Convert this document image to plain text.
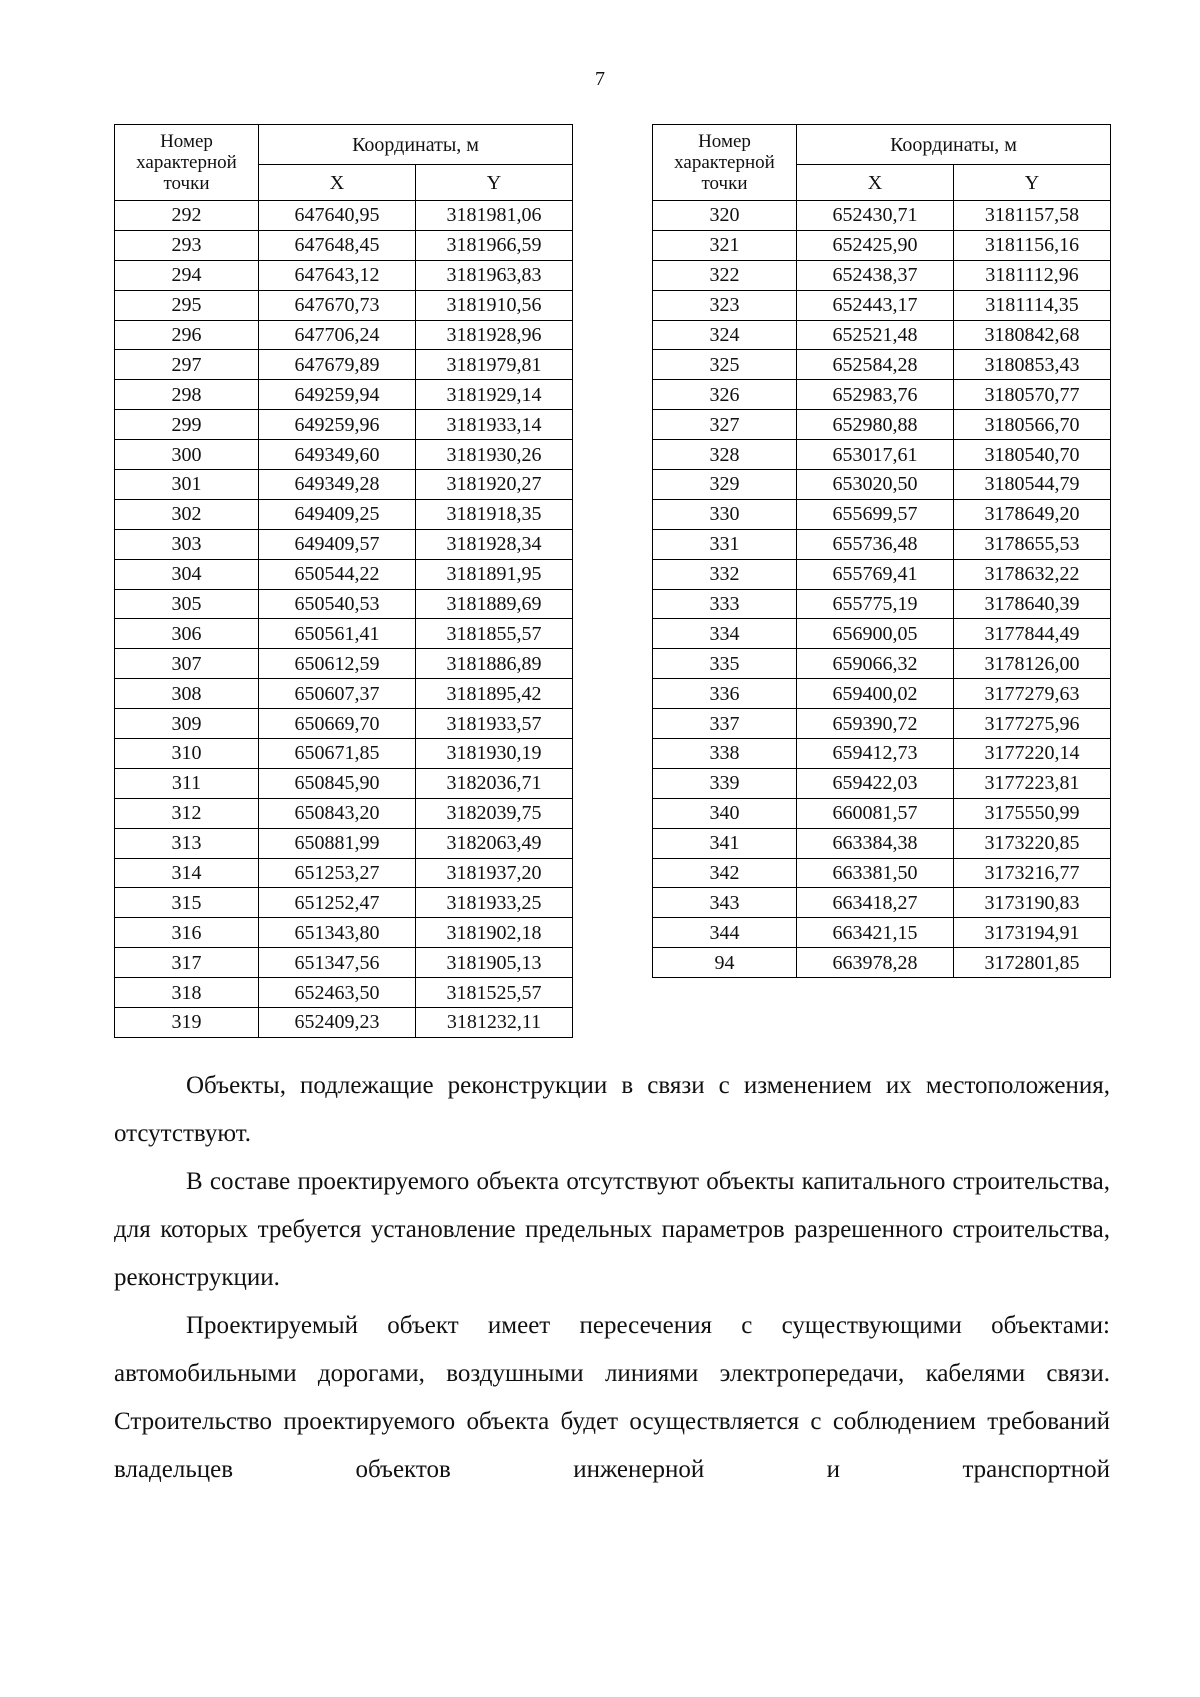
7
Номер характерной точки	Координаты, м	
	X	Y
292	647640,95	3181981,06
293	647648,45	3181966,59
294	647643,12	3181963,83
295	647670,73	3181910,56
296	647706,24	3181928,96
297	647679,89	3181979,81
298	649259,94	3181929,14
299	649259,96	3181933,14
300	649349,60	3181930,26
301	649349,28	3181920,27
302	649409,25	3181918,35
303	649409,57	3181928,34
304	650544,22	3181891,95
305	650540,53	3181889,69
306	650561,41	3181855,57
307	650612,59	3181886,89
308	650607,37	3181895,42
309	650669,70	3181933,57
310	650671,85	3181930,19
311	650845,90	3182036,71
312	650843,20	3182039,75
313	650881,99	3182063,49
314	651253,27	3181937,20
315	651252,47	3181933,25
316	651343,80	3181902,18
317	651347,56	3181905,13
318	652463,50	3181525,57
319	652409,23	3181232,11
Номер характерной точки	Координаты, м	
	X	Y
320	652430,71	3181157,58
321	652425,90	3181156,16
322	652438,37	3181112,96
323	652443,17	3181114,35
324	652521,48	3180842,68
325	652584,28	3180853,43
326	652983,76	3180570,77
327	652980,88	3180566,70
328	653017,61	3180540,70
329	653020,50	3180544,79
330	655699,57	3178649,20
331	655736,48	3178655,53
332	655769,41	3178632,22
333	655775,19	3178640,39
334	656900,05	3177844,49
335	659066,32	3178126,00
336	659400,02	3177279,63
337	659390,72	3177275,96
338	659412,73	3177220,14
339	659422,03	3177223,81
340	660081,57	3175550,99
341	663384,38	3173220,85
342	663381,50	3173216,77
343	663418,27	3173190,83
344	663421,15	3173194,91
94	663978,28	3172801,85

Объекты, подлежащие реконструкции в связи с изменением их местоположения, отсутствуют.

В составе проектируемого объекта отсутствуют объекты капитального строительства, для которых требуется установление предельных параметров разрешенного строительства, реконструкции.

Проектируемый объект имеет пересечения с существующими объектами: автомобильными дорогами, воздушными линиями электропередачи, кабелями связи. Строительство проектируемого объекта будет осуществляется с соблюдением требований владельцев объектов инженерной и транспортной
